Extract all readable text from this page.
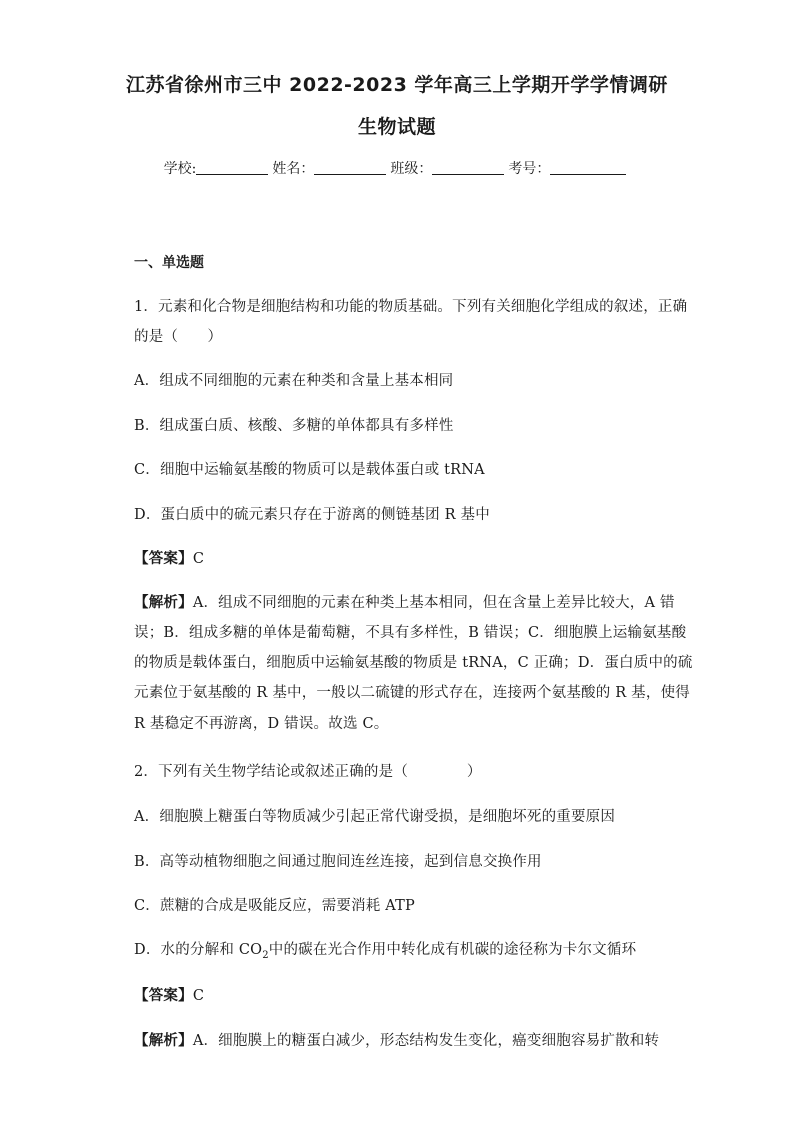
江苏省徐州市三中 2022-2023 学年高三上学期开学学情调研
生物试题
学校:	姓名：	班级：	考号：
一、单选题
1．元素和化合物是细胞结构和功能的物质基础。下列有关细胞化学组成的叙述，正确
的是（　　）
A．组成不同细胞的元素在种类和含量上基本相同
B．组成蛋白质、核酸、多糖的单体都具有多样性
C．细胞中运输氨基酸的物质可以是载体蛋白或 tRNA
D．蛋白质中的硫元素只存在于游离的侧链基团 R 基中
【答案】C
【解析】A．组成不同细胞的元素在种类上基本相同，但在含量上差异比较大，A 错
误；B．组成多糖的单体是葡萄糖，不具有多样性，B 错误；C．细胞膜上运输氨基酸
的物质是载体蛋白，细胞质中运输氨基酸的物质是 tRNA，C 正确；D．蛋白质中的硫
元素位于氨基酸的 R 基中，一般以二硫键的形式存在，连接两个氨基酸的 R 基，使得
R 基稳定不再游离，D 错误。故选 C。
2．下列有关生物学结论或叙述正确的是（　　　　）
A．细胞膜上糖蛋白等物质减少引起正常代谢受损，是细胞坏死的重要原因
B．高等动植物细胞之间通过胞间连丝连接，起到信息交换作用
C．蔗糖的合成是吸能反应，需要消耗 ATP
D．水的分解和 $CO_2$中的碳在光合作用中转化成有机碳的途径称为卡尔文循环
【答案】C
【解析】A．细胞膜上的糖蛋白减少，形态结构发生变化，癌变细胞容易扩散和转
